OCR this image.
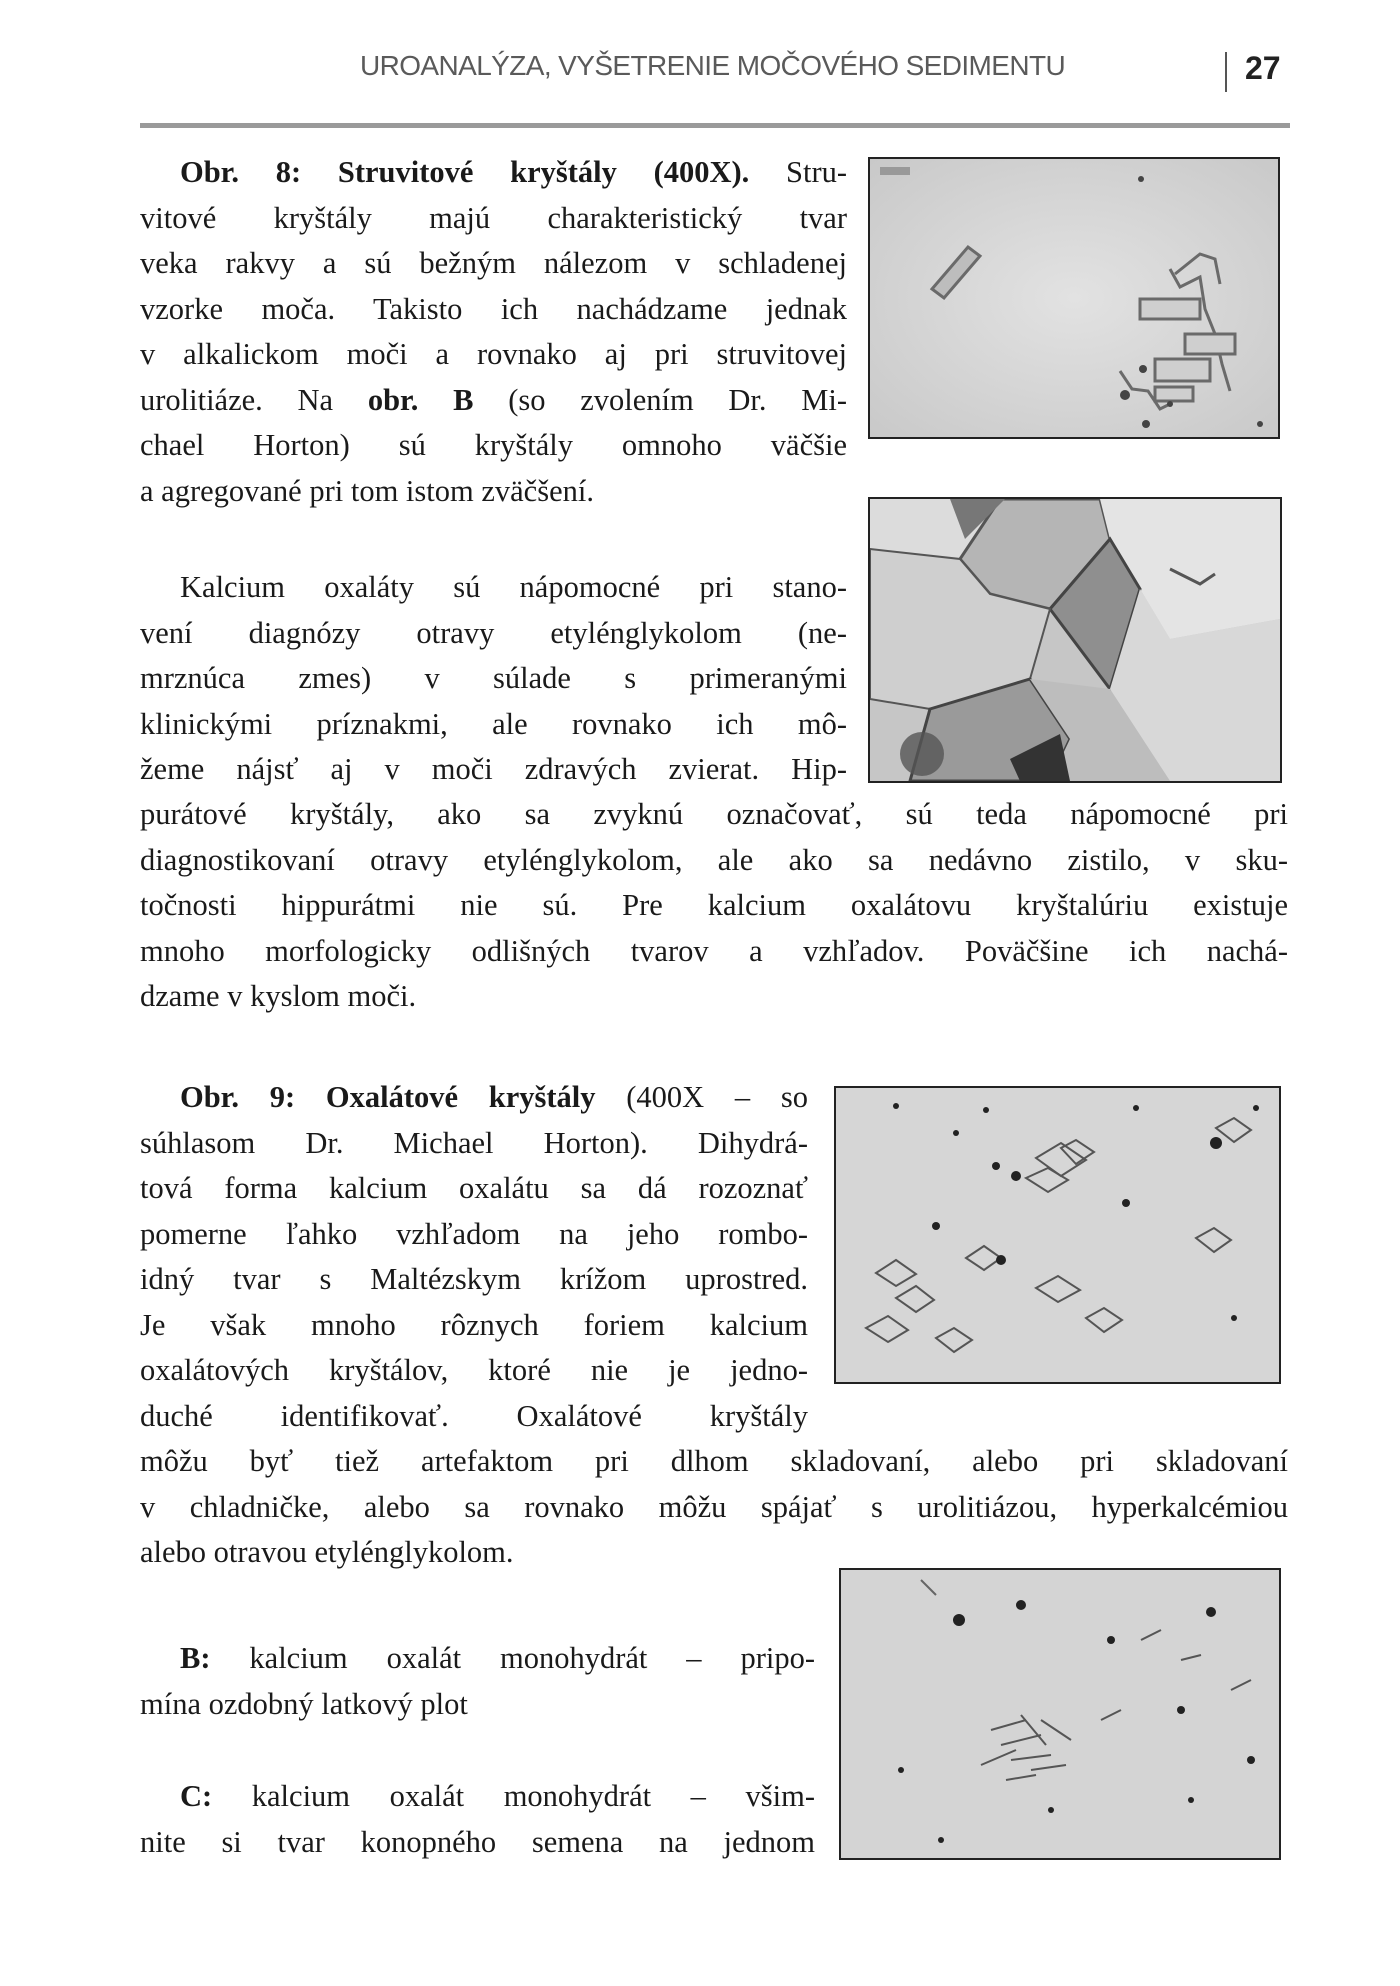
UROANALÝZA, VYŠETRENIE MOČOVÉHO SEDIMENTU	27
Obr. 8: Struvitové kryštály (400X). Stru-
vitové kryštály majú charakteristický tvar
veka rakvy a sú bežným nálezom v schladenej
vzorke moča. Takisto ich nachádzame jednak
v alkalickom moči a rovnako aj pri struvitovej
urolitiáze. Na obr. B (so zvolením Dr. Mi-
chael Horton) sú kryštály omnoho väčšie
a agregované pri tom istom zväčšení.
Kalcium oxaláty sú nápomocné pri stano-
vení diagnózy otravy etylénglykolom (ne-
mrznúca zmes) v súlade s primeranými
klinickými príznakmi, ale rovnako ich mô-
žeme nájsť aj v moči zdravých zvierat. Hip-
purátové kryštály, ako sa zvyknú označovať, sú teda nápomocné pri
diagnostikovaní otravy etylénglykolom, ale ako sa nedávno zistilo, v sku-
točnosti hippurátmi nie sú. Pre kalcium oxalátovu kryštalúriu existuje
mnoho morfologicky odlišných tvarov a vzhľadov. Poväčšine ich nachá-
dzame v kyslom moči.
Obr. 9: Oxalátové kryštály (400X – so
súhlasom Dr. Michael Horton). Dihydrá-
tová forma kalcium oxalátu sa dá rozoznať
pomerne ľahko vzhľadom na jeho rombo-
idný tvar s Maltézskym krížom uprostred.
Je však mnoho rôznych foriem kalcium
oxalátových kryštálov, ktoré nie je jedno-
duché identifikovať. Oxalátové kryštály
môžu byť tiež artefaktom pri dlhom skladovaní, alebo pri skladovaní
v chladničke, alebo sa rovnako môžu spájať s urolitiázou, hyperkalcémiou
alebo otravou etylénglykolom.
B: kalcium oxalát monohydrát – pripo-
mína ozdobný latkový plot
C: kalcium oxalát monohydrát – všim-
nite si tvar konopného semena na jednom
